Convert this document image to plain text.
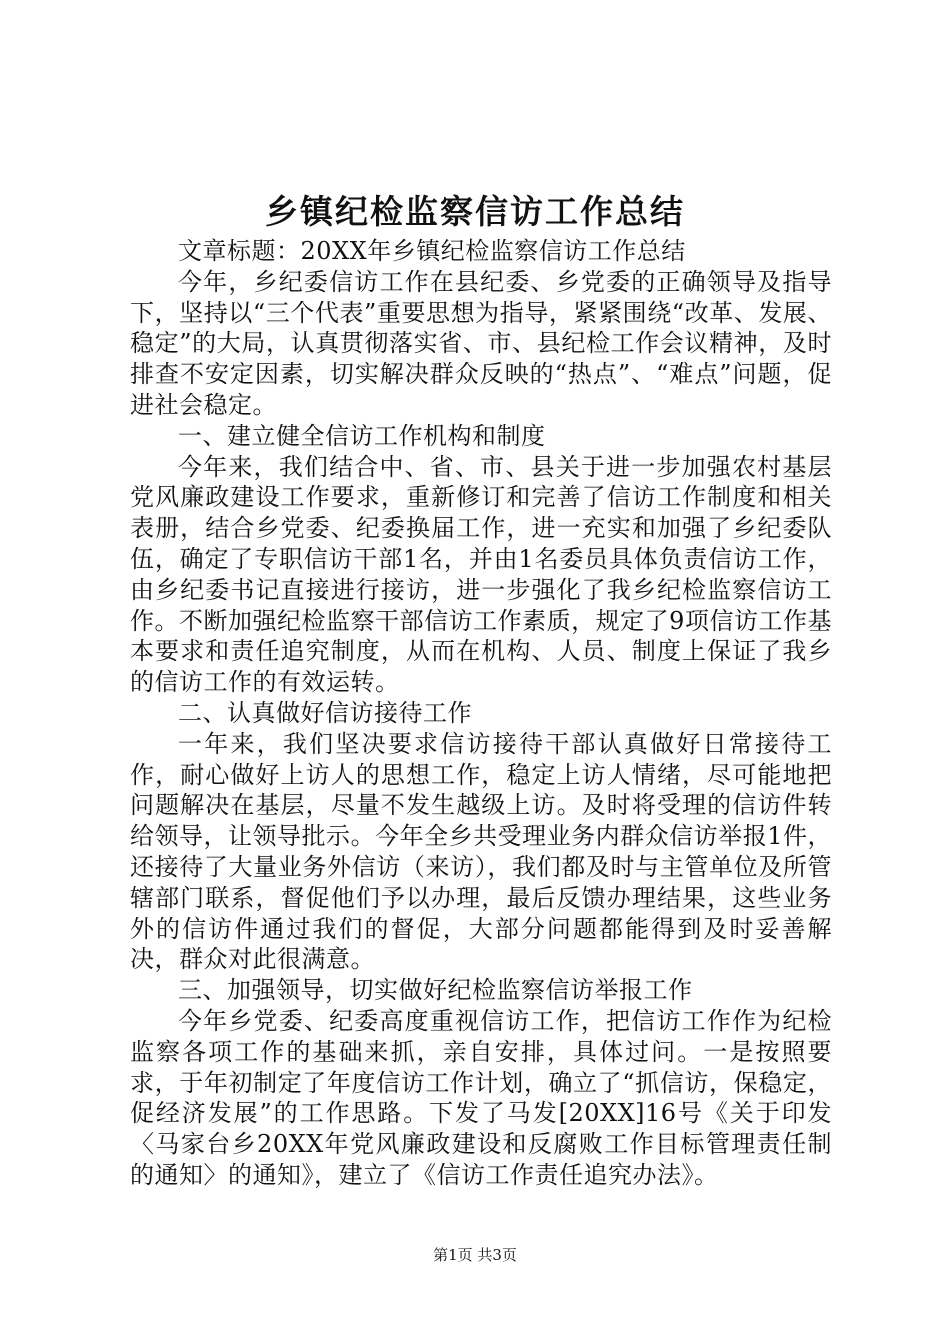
乡镇纪检监察信访工作总结

文章标题：20XX年乡镇纪检监察信访工作总结

今年，乡纪委信访工作在县纪委、乡党委的正确领导及指导下，坚持以“三个代表”重要思想为指导，紧紧围绕“改革、发展、稳定”的大局，认真贯彻落实省、市、县纪检工作会议精神，及时排查不安定因素，切实解决群众反映的“热点”、“难点”问题，促进社会稳定。

一、建立健全信访工作机构和制度

今年来，我们结合中、省、市、县关于进一步加强农村基层党风廉政建设工作要求，重新修订和完善了信访工作制度和相关表册，结合乡党委、纪委换届工作，进一充实和加强了乡纪委队伍，确定了专职信访干部1名，并由1名委员具体负责信访工作，由乡纪委书记直接进行接访，进一步强化了我乡纪检监察信访工作。不断加强纪检监察干部信访工作素质，规定了9项信访工作基本要求和责任追究制度，从而在机构、人员、制度上保证了我乡的信访工作的有效运转。

二、认真做好信访接待工作

一年来，我们坚决要求信访接待干部认真做好日常接待工作，耐心做好上访人的思想工作，稳定上访人情绪，尽可能地把问题解决在基层，尽量不发生越级上访。及时将受理的信访件转给领导，让领导批示。今年全乡共受理业务内群众信访举报1件，还接待了大量业务外信访（来访），我们都及时与主管单位及所管辖部门联系，督促他们予以办理，最后反馈办理结果，这些业务外的信访件通过我们的督促，大部分问题都能得到及时妥善解决，群众对此很满意。

三、加强领导，切实做好纪检监察信访举报工作

今年乡党委、纪委高度重视信访工作，把信访工作作为纪检监察各项工作的基础来抓，亲自安排，具体过问。一是按照要求，于年初制定了年度信访工作计划，确立了“抓信访，保稳定，促经济发展”的工作思路。下发了马发[20XX]16号《关于印发〈马家台乡20XX年党风廉政建设和反腐败工作目标管理责任制的通知〉的通知》，建立了《信访工作责任追究办法》。

第1页 共3页
